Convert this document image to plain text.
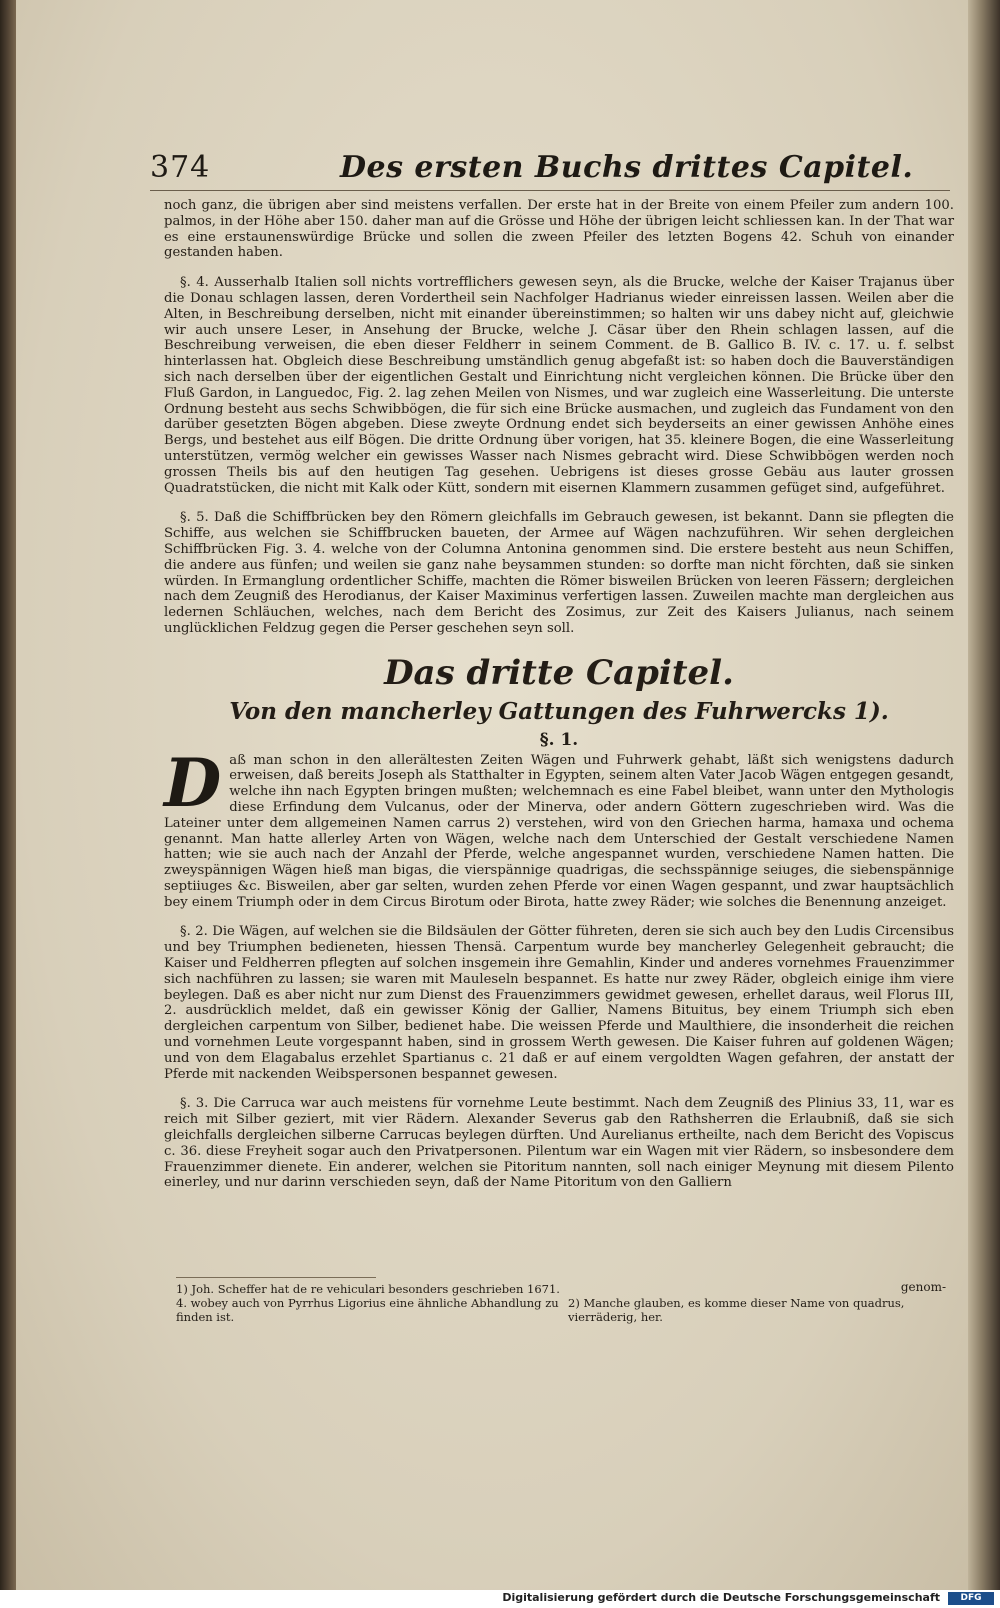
374	Des ersten Buchs drittes Capitel.

noch ganz, die übrigen aber sind meistens verfallen. Der erste hat in der Breite von einem Pfeiler zum andern 100. palmos, in der Höhe aber 150. daher man auf die Grösse und Höhe der übrigen leicht schliessen kan. In der That war es eine erstaunenswürdige Brücke und sollen die zween Pfeiler des letzten Bogens 42. Schuh von einander gestanden haben.

§. 4. Ausserhalb Italien soll nichts vortrefflichers gewesen seyn, als die Brucke, welche der Kaiser Trajanus über die Donau schlagen lassen, deren Vordertheil sein Nachfolger Hadrianus wieder einreissen lassen. Weilen aber die Alten, in Beschreibung derselben, nicht mit einander übereinstimmen; so halten wir uns dabey nicht auf, gleichwie wir auch unsere Leser, in Ansehung der Brucke, welche J. Cäsar über den Rhein schlagen lassen, auf die Beschreibung verweisen, die eben dieser Feldherr in seinem Comment. de B. Gallico B. IV. c. 17. u. f. selbst hinterlassen hat. Obgleich diese Beschreibung umständlich genug abgefaßt ist: so haben doch die Bauverständigen sich nach derselben über der eigentlichen Gestalt und Einrichtung nicht vergleichen können. Die Brücke über den Fluß Gardon, in Languedoc, Fig. 2. lag zehen Meilen von Nismes, und war zugleich eine Wasserleitung. Die unterste Ordnung besteht aus sechs Schwibbögen, die für sich eine Brücke ausmachen, und zugleich das Fundament von den darüber gesetzten Bögen abgeben. Diese zweyte Ordnung endet sich beyderseits an einer gewissen Anhöhe eines Bergs, und bestehet aus eilf Bögen. Die dritte Ordnung über vorigen, hat 35. kleinere Bogen, die eine Wasserleitung unterstützen, vermög welcher ein gewisses Wasser nach Nismes gebracht wird. Diese Schwibbögen werden noch grossen Theils bis auf den heutigen Tag gesehen. Uebrigens ist dieses grosse Gebäu aus lauter grossen Quadratstücken, die nicht mit Kalk oder Kütt, sondern mit eisernen Klammern zusammen gefüget sind, aufgeführet.

§. 5. Daß die Schiffbrücken bey den Römern gleichfalls im Gebrauch gewesen, ist bekannt. Dann sie pflegten die Schiffe, aus welchen sie Schiffbrucken baueten, der Armee auf Wägen nachzuführen. Wir sehen dergleichen Schiffbrücken Fig. 3. 4. welche von der Columna Antonina genommen sind. Die erstere besteht aus neun Schiffen, die andere aus fünfen; und weilen sie ganz nahe beysammen stunden: so dorfte man nicht förchten, daß sie sinken würden. In Ermanglung ordentlicher Schiffe, machten die Römer bisweilen Brücken von leeren Fässern; dergleichen nach dem Zeugniß des Herodianus, der Kaiser Maximinus verfertigen lassen. Zuweilen machte man dergleichen aus ledernen Schläuchen, welches, nach dem Bericht des Zosimus, zur Zeit des Kaisers Julianus, nach seinem unglücklichen Feldzug gegen die Perser geschehen seyn soll.

Das dritte Capitel.
Von den mancherley Gattungen des Fuhrwercks 1).
§. 1.

Daß man schon in den allerältesten Zeiten Wägen und Fuhrwerk gehabt, läßt sich wenigstens dadurch erweisen, daß bereits Joseph als Statthalter in Egypten, seinem alten Vater Jacob Wägen entgegen gesandt, welche ihn nach Egypten bringen mußten; welchemnach es eine Fabel bleibet, wann unter den Mythologis diese Erfindung dem Vulcanus, oder der Minerva, oder andern Göttern zugeschrieben wird. Was die Lateiner unter dem allgemeinen Namen carrus 2) verstehen, wird von den Griechen harma, hamaxa und ochema genannt. Man hatte allerley Arten von Wägen, welche nach dem Unterschied der Gestalt verschiedene Namen hatten; wie sie auch nach der Anzahl der Pferde, welche angespannet wurden, verschiedene Namen hatten. Die zweyspännigen Wägen hieß man bigas, die vierspännige quadrigas, die sechsspännige seiuges, die siebenspännige septiiuges &c. Bisweilen, aber gar selten, wurden zehen Pferde vor einen Wagen gespannt, und zwar hauptsächlich bey einem Triumph oder in dem Circus Birotum oder Birota, hatte zwey Räder; wie solches die Benennung anzeiget.

§. 2. Die Wägen, auf welchen sie die Bildsäulen der Götter führeten, deren sie sich auch bey den Ludis Circensibus und bey Triumphen bedieneten, hiessen Thensä. Carpentum wurde bey mancherley Gelegenheit gebraucht; die Kaiser und Feldherren pflegten auf solchen insgemein ihre Gemahlin, Kinder und anderes vornehmes Frauenzimmer sich nachführen zu lassen; sie waren mit Mauleseln bespannet. Es hatte nur zwey Räder, obgleich einige ihm viere beylegen. Daß es aber nicht nur zum Dienst des Frauenzimmers gewidmet gewesen, erhellet daraus, weil Florus III, 2. ausdrücklich meldet, daß ein gewisser König der Gallier, Namens Bituitus, bey einem Triumph sich eben dergleichen carpentum von Silber, bedienet habe. Die weissen Pferde und Maulthiere, die insonderheit die reichen und vornehmen Leute vorgespannt haben, sind in grossem Werth gewesen. Die Kaiser fuhren auf goldenen Wägen; und von dem Elagabalus erzehlet Spartianus c. 21 daß er auf einem vergoldten Wagen gefahren, der anstatt der Pferde mit nackenden Weibspersonen bespannet gewesen.

§. 3. Die Carruca war auch meistens für vornehme Leute bestimmt. Nach dem Zeugniß des Plinius 33, 11, war es reich mit Silber geziert, mit vier Rädern. Alexander Severus gab den Rathsherren die Erlaubniß, daß sie sich gleichfalls dergleichen silberne Carrucas beylegen dürften. Und Aurelianus ertheilte, nach dem Bericht des Vopiscus c. 36. diese Freyheit sogar auch den Privatpersonen. Pilentum war ein Wagen mit vier Rädern, so insbesondere dem Frauenzimmer dienete. Ein anderer, welchen sie Pitoritum nannten, soll nach einiger Meynung mit diesem Pilento einerley, und nur darinn verschieden seyn, daß der Name Pitoritum von den Galliern

genom-
1) Joh. Scheffer hat de re vehiculari besonders geschrieben 1671. 4. wobey auch von Pyrrhus Ligorius eine ähnliche Abhandlung zu finden ist.
2) Manche glauben, es komme dieser Name von quadrus, vierräderig, her.
Digitalisierung gefördert durch die Deutsche Forschungsgemeinschaft	DFG
